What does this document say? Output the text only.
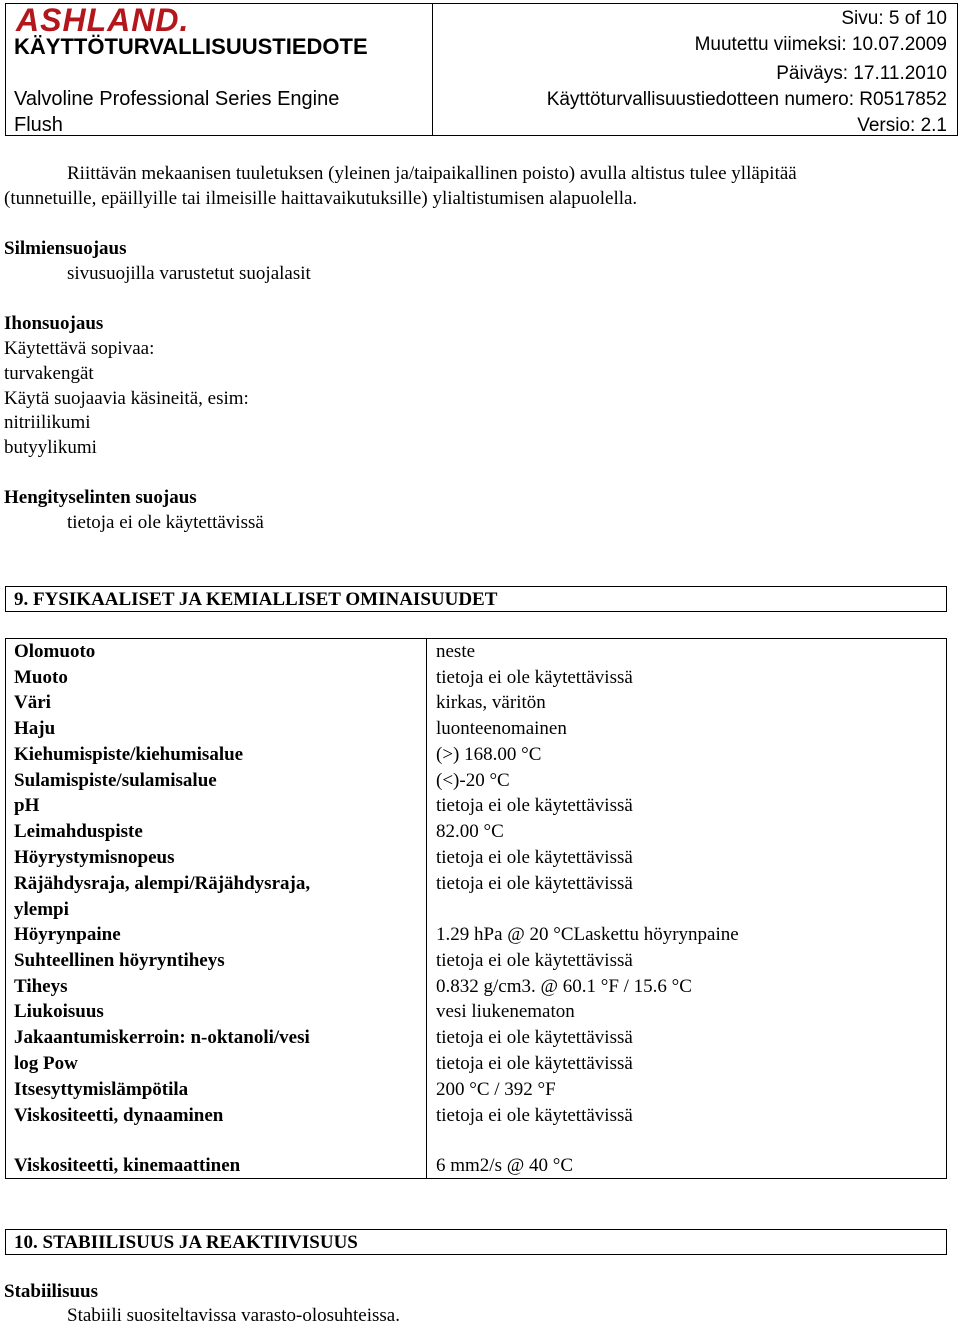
ASHLAND.
KÄYTTÖTURVALLISUUSTIEDOTE
Valvoline Professional Series Engine
Flush
Sivu: 5 of 10
Muutettu viimeksi: 10.07.2009
Päiväys: 17.11.2010
Käyttöturvallisuustiedotteen numero: R0517852
Versio: 2.1
Riittävän mekaanisen tuuletuksen (yleinen ja/taipaikallinen poisto) avulla altistus tulee ylläpitää
(tunnetuille, epäillyille tai ilmeisille haittavaikutuksille) ylialtistumisen alapuolella.
Silmiensuojaus
sivusuojilla varustetut suojalasit
Ihonsuojaus
Käytettävä sopivaa:
turvakengät
Käytä suojaavia käsineitä, esim:
nitriilikumi
butyylikumi
Hengityselinten suojaus
tietoja ei ole käytettävissä
9. FYSIKAALISET JA KEMIALLISET OMINAISUUDET
Olomuoto	neste
Muoto	tietoja ei ole käytettävissä
Väri	kirkas, väritön
Haju	luonteenomainen
Kiehumispiste/kiehumisalue	(>) 168.00 °C
Sulamispiste/sulamisalue	(<)-20 °C
pH	tietoja ei ole käytettävissä
Leimahduspiste	82.00 °C
Höyrystymisnopeus	tietoja ei ole käytettävissä
Räjähdysraja, alempi/Räjähdysraja, ylempi
tietoja ei ole käytettävissä
Höyrynpaine	1.29 hPa @ 20 °CLaskettu höyrynpaine
Suhteellinen höyryntiheys	tietoja ei ole käytettävissä
Tiheys	0.832 g/cm3. @ 60.1 °F / 15.6 °C
Liukoisuus	vesi liukenematon
Jakaantumiskerroin: n-oktanoli/vesi	tietoja ei ole käytettävissä
log Pow	tietoja ei ole käytettävissä
Itsesyttymislämpötila	200 °C / 392 °F
Viskositeetti, dynaaminen	tietoja ei ole käytettävissä
Viskositeetti, kinemaattinen	6 mm2/s @ 40 °C
10. STABIILISUUS JA REAKTIIVISUUS
Stabiilisuus
Stabiili suositeltavissa varasto-olosuhteissa.
